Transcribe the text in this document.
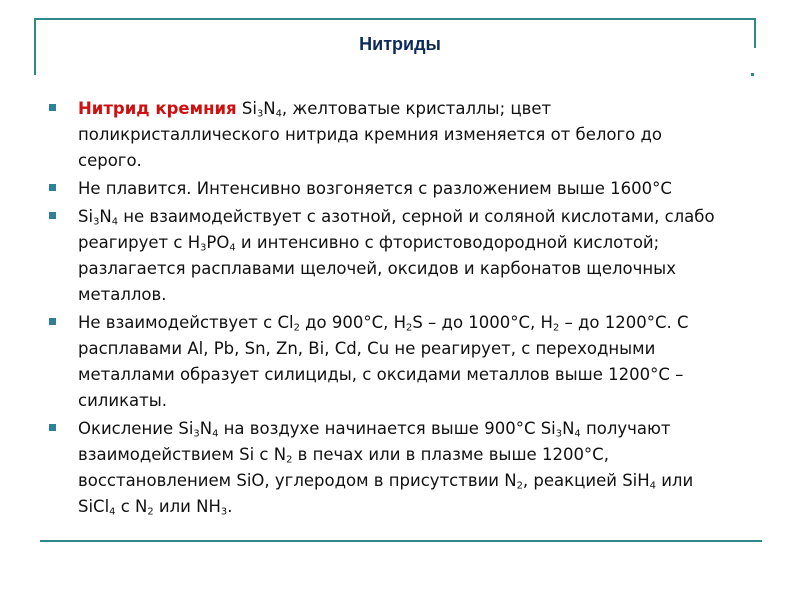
Нитриды
Нитрид кремния $Si_3N_4$, желтоватые кристаллы; цвет поликристаллического нитрида кремния изменяется от белого до серого.
Не плавится. Интенсивно возгоняется с разложением выше 1600°С
$Si_3N_4$ не взаимодействует с азотной, серной и соляной кислотами, слабо реагирует с $H_3PO_4$ и интенсивно с фтористоводородной кислотой; разлагается расплавами щелочей, оксидов и карбонатов щелочных металлов.
Не взаимодействует с $Cl_2$ до 900°С, $H_2S$ – до 1000°С, $H_2$ – до 1200°С. С расплавами Al, Pb, Sn, Zn, Bi, Cd, Cu не реагирует, с переходными металлами образует силициды, с оксидами металлов выше 1200°С – силикаты.
Окисление $Si_3N_4$ на воздухе начинается выше 900°С $Si_3N_4$ получают взаимодействием Si с $N_2$ в печах или в плазме выше 1200°С, восстановлением SiO, углеродом в присутствии $N_2$, реакцией SiH$_4$ или SiCl$_4$ с $N_2$ или $NH_3$.
